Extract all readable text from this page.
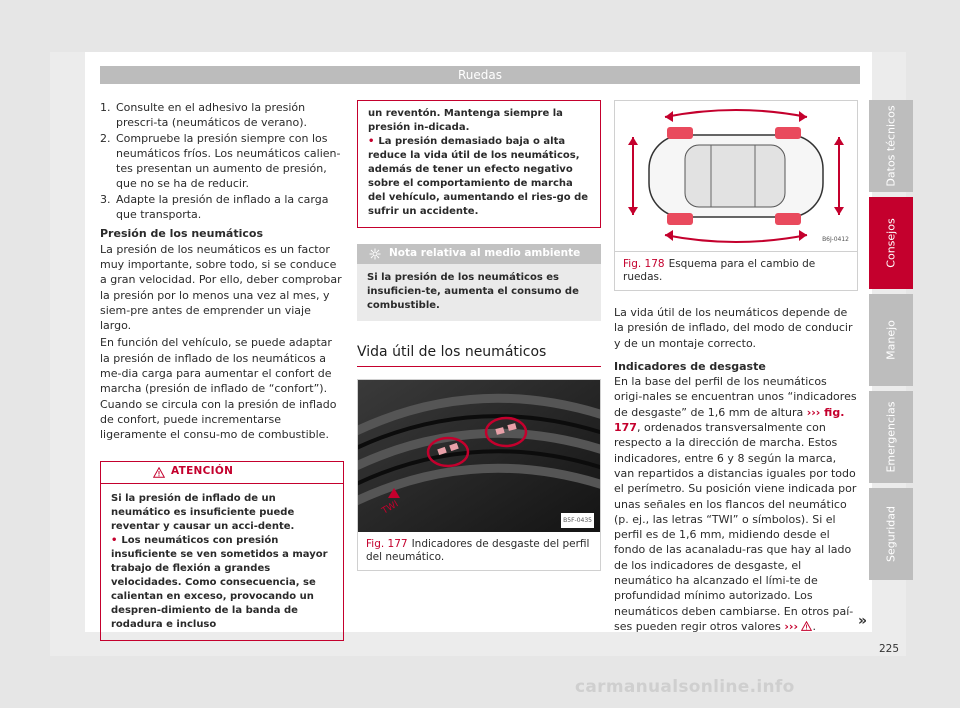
Ruedas
1. Consulte en el adhesivo la presión prescri-ta (neumáticos de verano).
2. Compruebe la presión siempre con los neumáticos fríos. Los neumáticos calien-tes presentan un aumento de presión, que no se ha de reducir.
3. Adapte la presión de inflado a la carga que transporta.
Presión de los neumáticos

La presión de los neumáticos es un factor muy importante, sobre todo, si se conduce a gran velocidad. Por ello, deber comprobar la presión por lo menos una vez al mes, y siem-pre antes de emprender un viaje largo.

En función del vehículo, se puede adaptar la presión de inflado de los neumáticos a me-dia carga para aumentar el confort de marcha (presión de inflado de “confort”). Cuando se circula con la presión de inflado de confort, puede incrementarse ligeramente el consu-mo de combustible.

ATENCIÓN
Si la presión de inflado de un neumático es insuficiente puede reventar y causar un acci-dente.
• Los neumáticos con presión insuficiente se ven sometidos a mayor trabajo de flexión a grandes velocidades. Como consecuencia, se calientan en exceso, provocando un despren-dimiento de la banda de rodadura e incluso
un reventón. Mantenga siempre la presión in-dicada.
• La presión demasiado baja o alta reduce la vida útil de los neumáticos, además de tener un efecto negativo sobre el comportamiento de marcha del vehículo, aumentando el ries-go de sufrir un accidente.
Nota relativa al medio ambiente
Si la presión de los neumáticos es insuficien-te, aumenta el consumo de combustible.
Vida útil de los neumáticos
TWI
B5F-0435
Fig. 177 Indicadores de desgaste del perfil del neumático.
B6J-0412
Fig. 178 Esquema para el cambio de ruedas.

La vida útil de los neumáticos depende de la presión de inflado, del modo de conducir y de un montaje correcto.

Indicadores de desgaste

En la base del perfil de los neumáticos origi-nales se encuentran unos “indicadores de desgaste” de 1,6 mm de altura ››› fig. 177, ordenados transversalmente con respecto a la dirección de marcha. Estos indicadores, entre 6 y 8 según la marca, van repartidos a distancias iguales por todo el perímetro. Su posición viene indicada por unas señales en los flancos del neumático (p. ej., las letras “TWI” o símbolos). Si el perfil es de 1,6 mm, midiendo desde el fondo de las acanaladu-ras que hay al lado de los indicadores de desgaste, el neumático ha alcanzado el lími-te de profundidad mínimo autorizado. Los neumáticos deben cambiarse. En otros paí-ses pueden regir otros valores ››› .

Datos técnicos
Consejos
Manejo
Emergencias
Seguridad
»
225
carmanualsonline.info
